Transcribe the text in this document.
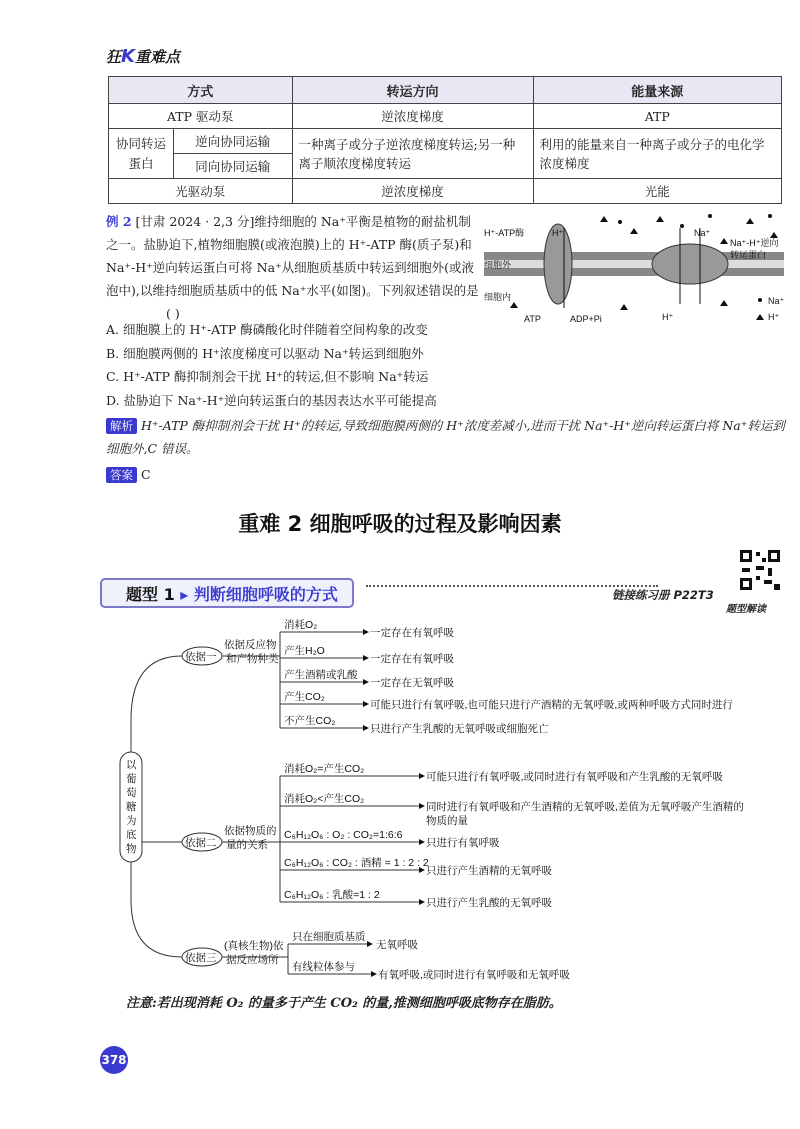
狂K重难点
方式		转运方向	能量来源
ATP 驱动泵		逆浓度梯度	ATP
协同转运蛋白	逆向协同运输	一种离子或分子逆浓度梯度转运;另一种离子顺浓度梯度转运	利用的能量来自一种离子或分子的电化学浓度梯度
	同向协同运输		
光驱动泵		逆浓度梯度	光能
例 2 [甘肃 2024 · 2,3 分]维持细胞的 Na⁺平衡是植物的耐盐机制之一。盐胁迫下,植物细胞膜(或液泡膜)上的 H⁺-ATP 酶(质子泵)和 Na⁺-H⁺逆向转运蛋白可将 Na⁺从细胞质基质中转运到细胞外(或液泡中),以维持细胞质基质中的低 Na⁺水平(如图)。下列叙述错误的是 ( )
H⁺-ATP酶	H⁺	Na⁺
Na⁺-H⁺逆向
转运蛋白
细胞外
细胞内
ATP	ADP+Pi	H⁺
Na⁺
H⁺
A. 细胞膜上的 H⁺-ATP 酶磷酸化时伴随着空间构象的改变
B. 细胞膜两侧的 H⁺浓度梯度可以驱动 Na⁺转运到细胞外
C. H⁺-ATP 酶抑制剂会干扰 H⁺的转运,但不影响 Na⁺转运
D. 盐胁迫下 Na⁺-H⁺逆向转运蛋白的基因表达水平可能提高
解析 H⁺-ATP 酶抑制剂会干扰 H⁺的转运,导致细胞膜两侧的 H⁺浓度差减小,进而干扰 Na⁺-H⁺逆向转运蛋白将 Na⁺转运到细胞外,C 错误。
答案 C
重难 2 细胞呼吸的过程及影响因素
题型 1 ▸ 判断细胞呼吸的方式	链接练习册 P22T3
题型解读
以
葡
萄
糖
为
底
物
依据一
依据反应物
和产物种类
消耗O₂
一定存在有氧呼吸
产生H₂O
一定存在有氧呼吸
产生酒精或乳酸
一定存在无氧呼吸
产生CO₂
可能只进行有氧呼吸,也可能只进行产酒精的无氧呼吸,或两种呼吸方式同时进行
不产生CO₂
只进行产生乳酸的无氧呼吸或细胞死亡
依据二
依据物质的
量的关系
消耗O₂=产生CO₂
可能只进行有氧呼吸,或同时进行有氧呼吸和产生乳酸的无氧呼吸
消耗O₂<产生CO₂
同时进行有氧呼吸和产生酒精的无氧呼吸,差值为无氧呼吸产生酒精的
物质的量
C₆H₁₂O₆ : O₂ : CO₂=1:6:6
只进行有氧呼吸
C₆H₁₂O₆ : CO₂ : 酒精 = 1 : 2 : 2
只进行产生酒精的无氧呼吸
C₆H₁₂O₆ : 乳酸=1 : 2
只进行产生乳酸的无氧呼吸
依据三
(真核生物)依
据反应场所
只在细胞质基质
无氧呼吸
有线粒体参与
有氧呼吸,或同时进行有氧呼吸和无氧呼吸
注意:若出现消耗 O₂ 的量多于产生 CO₂ 的量,推测细胞呼吸底物存在脂肪。
378
